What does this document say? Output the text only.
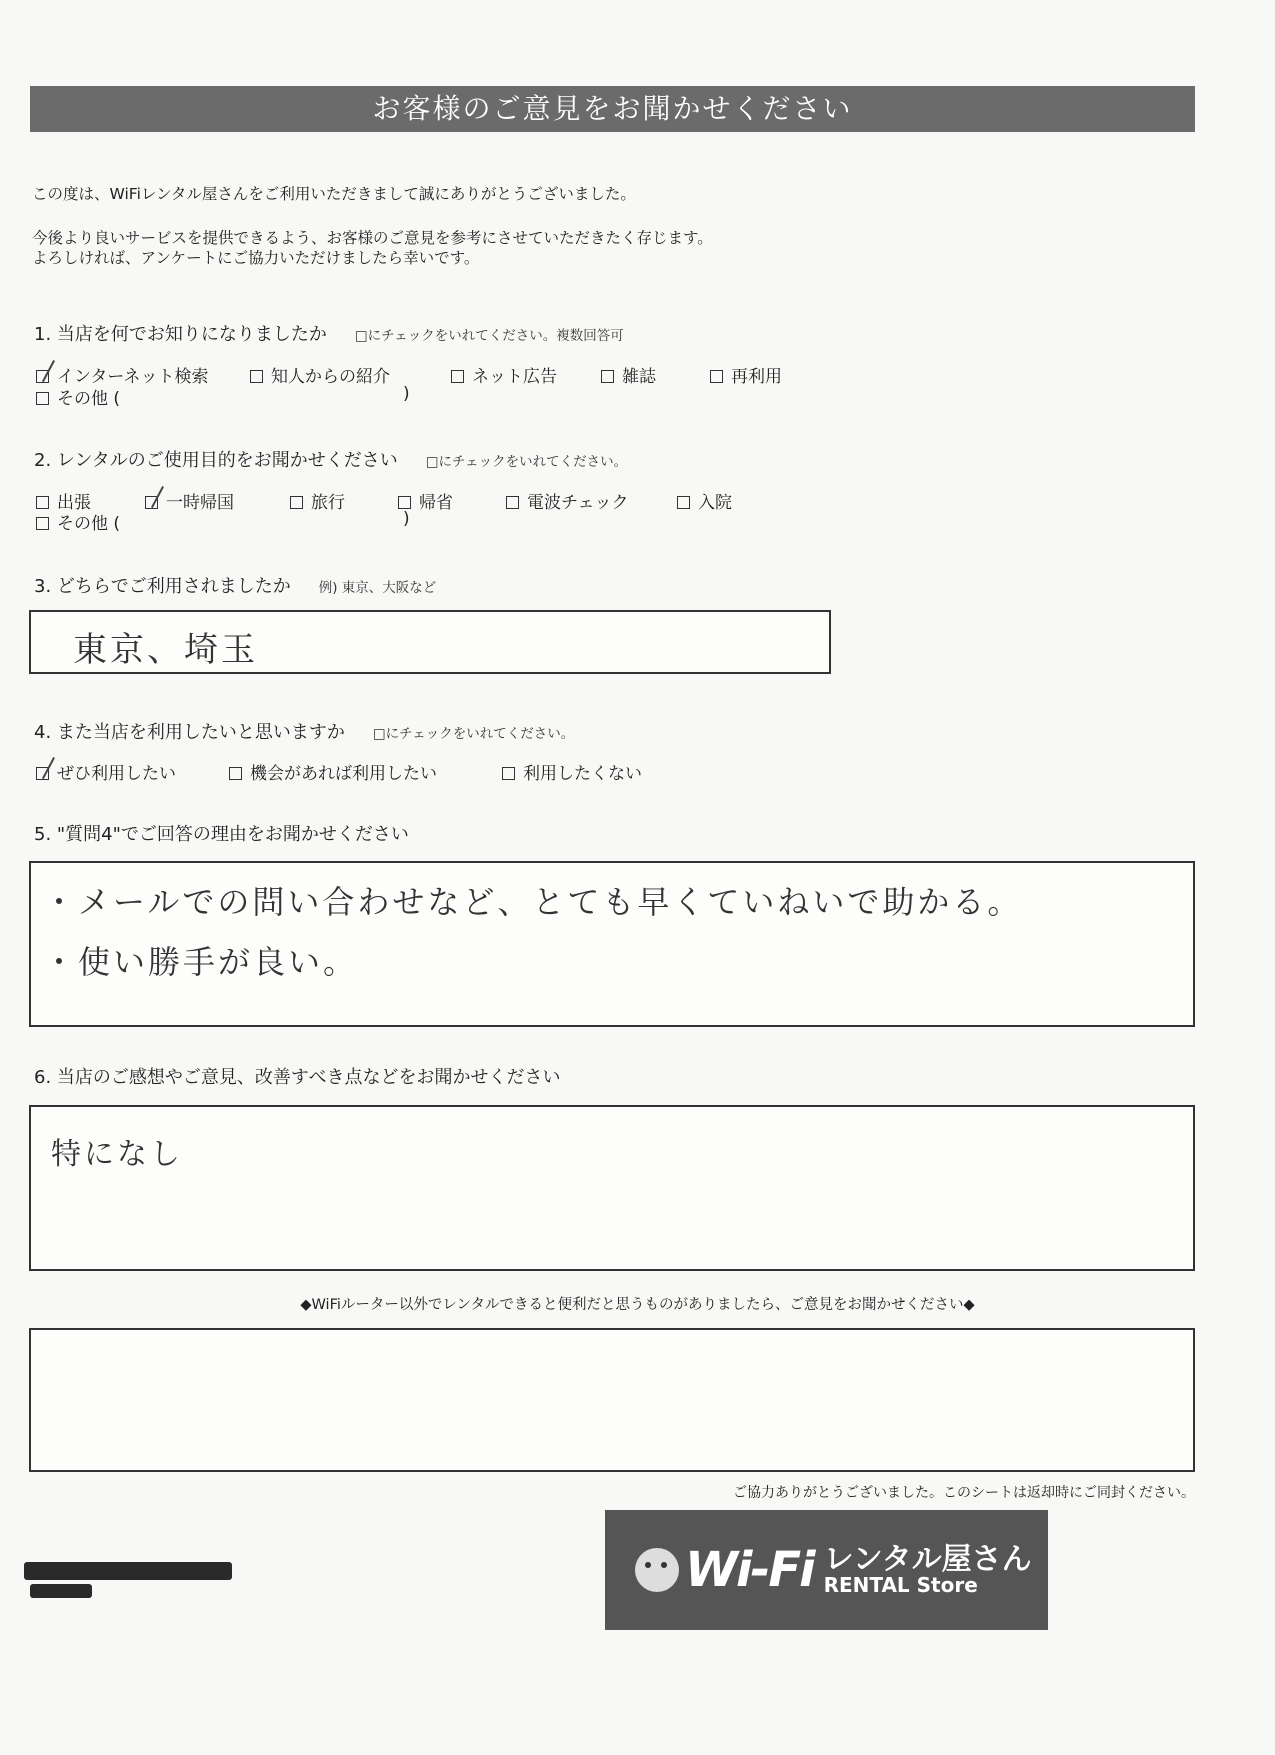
お客様のご意見をお聞かせください
この度は、WiFiレンタル屋さんをご利用いただきまして誠にありがとうございました。
今後より良いサービスを提供できるよう、お客様のご意見を参考にさせていただきたく存じます。
よろしければ、アンケートにご協力いただけましたら幸いです。
1. 当店を何でお知りになりましたか □にチェックをいれてください。複数回答可
インターネット検索	知人からの紹介	ネット広告	雑誌	再利用
その他 (	)
2. レンタルのご使用目的をお聞かせください □にチェックをいれてください。
出張	一時帰国	旅行	帰省	電波チェック	入院
その他 (	)
3. どちらでご利用されましたか 例) 東京、大阪など
東京、埼玉
4. また当店を利用したいと思いますか □にチェックをいれてください。
ぜひ利用したい	機会があれば利用したい	利用したくない
5. "質問4"でご回答の理由をお聞かせください
・メールでの問い合わせなど、とても早くていねいで助かる。
・使い勝手が良い。
6. 当店のご感想やご意見、改善すべき点などをお聞かせください
特になし
◆WiFiルーター以外でレンタルできると便利だと思うものがありましたら、ご意見をお聞かせください◆
ご協力ありがとうございました。このシートは返却時にご同封ください。
Wi-Fi レンタル屋さん
RENTAL Store
